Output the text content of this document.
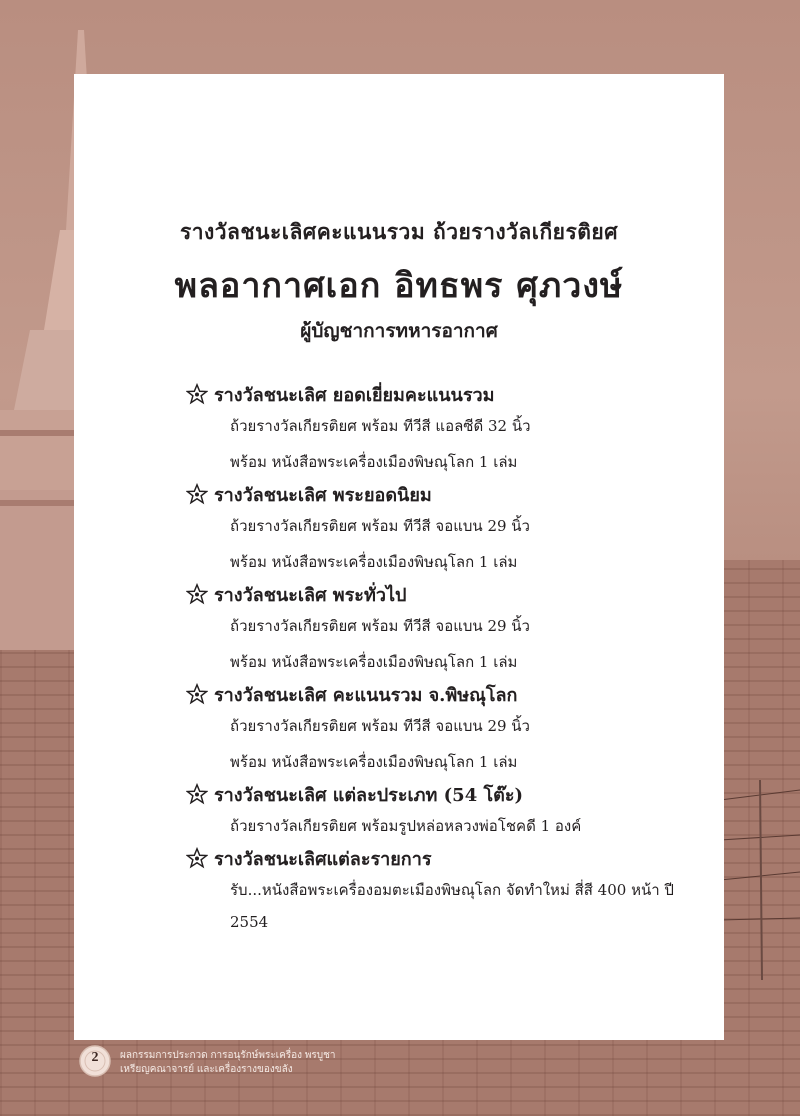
รางวัลชนะเลิศคะแนนรวม ถ้วยรางวัลเกียรติยศ
พลอากาศเอก อิทธพร ศุภวงษ์
ผู้บัญชาการทหารอากาศ
รางวัลชนะเลิศ ยอดเยี่ยมคะแนนรวม
ถ้วยรางวัลเกียรติยศ พร้อม ทีวีสี แอลซีดี 32 นิ้ว
พร้อม หนังสือพระเครื่องเมืองพิษณุโลก 1 เล่ม
รางวัลชนะเลิศ พระยอดนิยม
ถ้วยรางวัลเกียรติยศ พร้อม ทีวีสี จอแบน 29 นิ้ว
พร้อม หนังสือพระเครื่องเมืองพิษณุโลก 1 เล่ม
รางวัลชนะเลิศ พระทั่วไป
ถ้วยรางวัลเกียรติยศ พร้อม ทีวีสี จอแบน 29 นิ้ว
พร้อม หนังสือพระเครื่องเมืองพิษณุโลก 1 เล่ม
รางวัลชนะเลิศ คะแนนรวม จ.พิษณุโลก
ถ้วยรางวัลเกียรติยศ พร้อม ทีวีสี จอแบน 29 นิ้ว
พร้อม หนังสือพระเครื่องเมืองพิษณุโลก 1 เล่ม
รางวัลชนะเลิศ แต่ละประเภท (54 โต๊ะ)
ถ้วยรางวัลเกียรติยศ พร้อมรูปหล่อหลวงพ่อโชคดี 1 องค์
รางวัลชนะเลิศแต่ละรายการ
รับ...หนังสือพระเครื่องอมตะเมืองพิษณุโลก จัดทำใหม่ สี่สี 400 หน้า ปี 2554
2	ผลกรรมการประกวด การอนุรักษ์พระเครื่อง พรบูชา
เหรียญคณาจารย์ และเครื่องรางของขลัง
